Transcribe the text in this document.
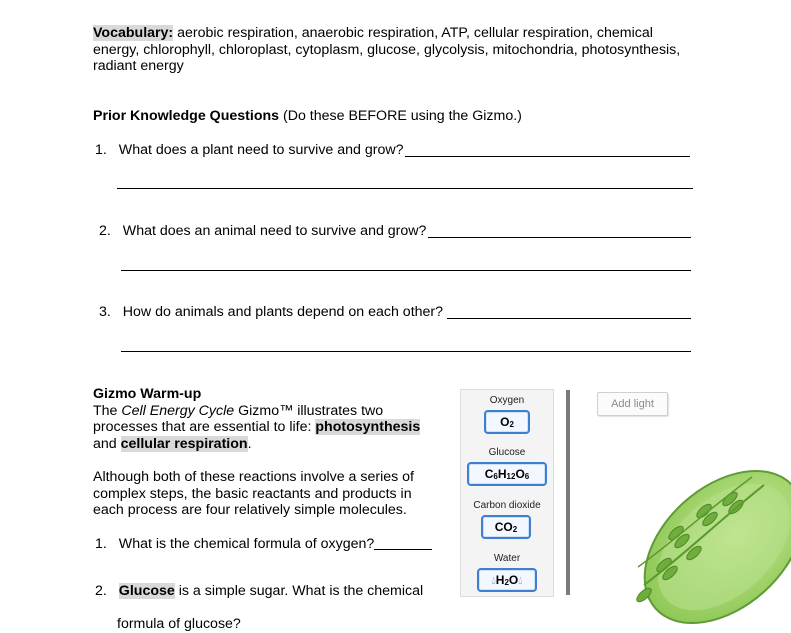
Vocabulary: aerobic respiration, anaerobic respiration, ATP, cellular respiration, chemical
energy, chlorophyll, chloroplast, cytoplasm, glucose, glycolysis, mitochondria, photosynthesis,
radiant energy
Prior Knowledge Questions (Do these BEFORE using the Gizmo.)
1. What does a plant need to survive and grow?
2. What does an animal need to survive and grow?
3. How do animals and plants depend on each other?
Gizmo Warm-up
The Cell Energy Cycle Gizmo™ illustrates two
processes that are essential to life: photosynthesis
and cellular respiration.
Although both of these reactions involve a series of
complex steps, the basic reactants and products in
each process are four relatively simple molecules.
1. What is the chemical formula of oxygen?
2. Glucose is a simple sugar. What is the chemical
formula of glucose?
Oxygen
$O_2$
Glucose
$C_6H_{12}O_6$
Carbon dioxide
$CO_2$
Water
$💧︎H_2O💧︎$
Add light
